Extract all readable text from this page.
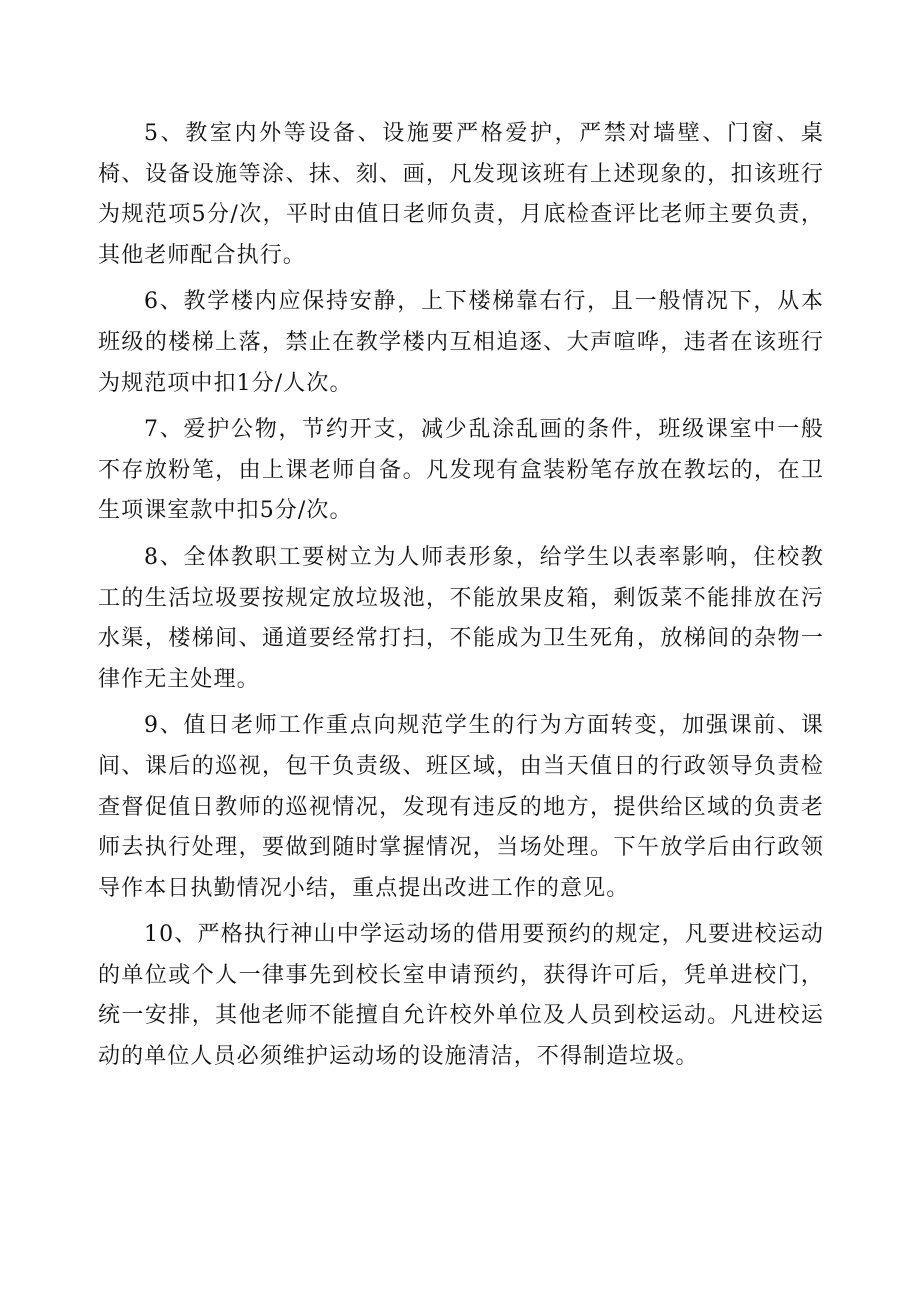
5、教室内外等设备、设施要严格爱护，严禁对墙壁、门窗、桌椅、设备设施等涂、抹、刻、画，凡发现该班有上述现象的，扣该班行为规范项5分/次，平时由值日老师负责，月底检查评比老师主要负责，其他老师配合执行。

6、教学楼内应保持安静，上下楼梯靠右行，且一般情况下，从本班级的楼梯上落，禁止在教学楼内互相追逐、大声喧哗，违者在该班行为规范项中扣1分/人次。

7、爱护公物，节约开支，减少乱涂乱画的条件，班级课室中一般不存放粉笔，由上课老师自备。凡发现有盒装粉笔存放在教坛的，在卫生项课室款中扣5分/次。

8、全体教职工要树立为人师表形象，给学生以表率影响，住校教工的生活垃圾要按规定放垃圾池，不能放果皮箱，剩饭菜不能排放在污水渠，楼梯间、通道要经常打扫，不能成为卫生死角，放梯间的杂物一律作无主处理。

9、值日老师工作重点向规范学生的行为方面转变，加强课前、课间、课后的巡视，包干负责级、班区域，由当天值日的行政领导负责检查督促值日教师的巡视情况，发现有违反的地方，提供给区域的负责老师去执行处理，要做到随时掌握情况，当场处理。下午放学后由行政领导作本日执勤情况小结，重点提出改进工作的意见。

10、严格执行神山中学运动场的借用要预约的规定，凡要进校运动的单位或个人一律事先到校长室申请预约，获得许可后，凭单进校门，统一安排，其他老师不能擅自允许校外单位及人员到校运动。凡进校运动的单位人员必须维护运动场的设施清洁，不得制造垃圾。
